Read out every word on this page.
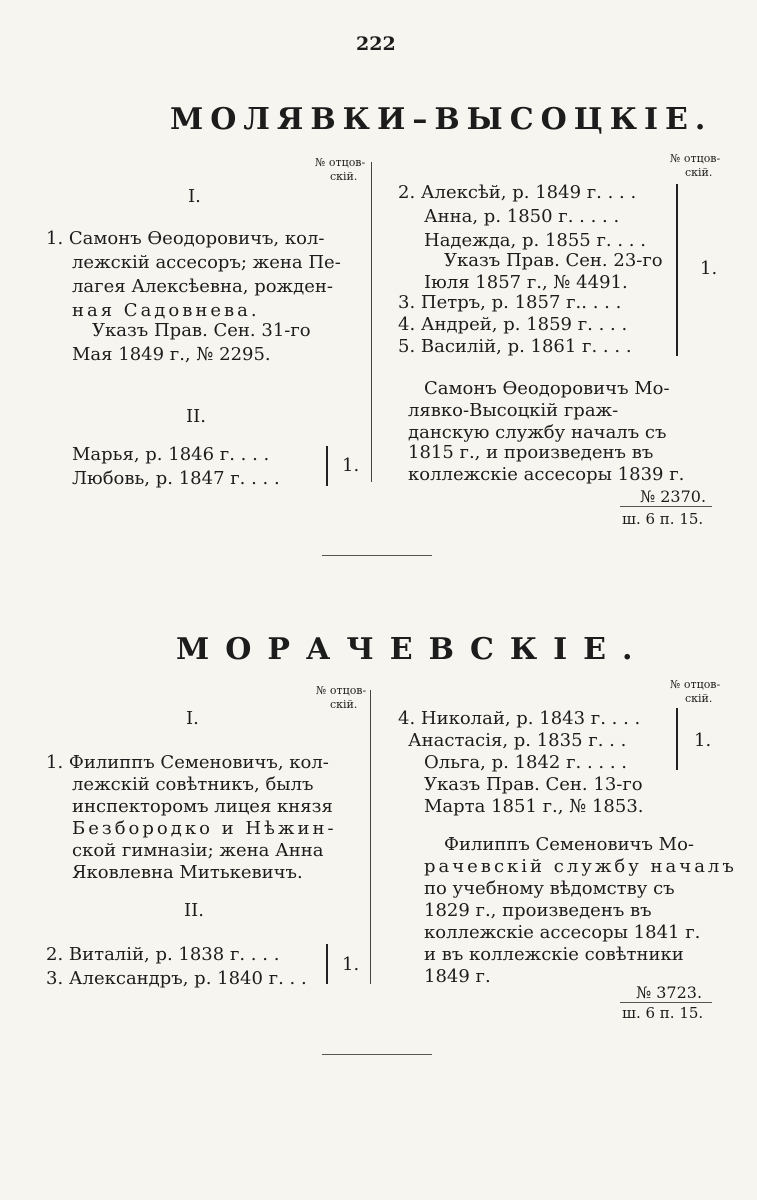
222
МОЛЯВКИ–ВЫСОЦКІЕ.
№ отцов-
скій.
№ отцов-
скій.
I.
1. Самонъ Өеодоровичъ, кол-
лежскій ассесоръ; жена Пе-
лагея Алексѣевна, рожден-
ная Садовнева.
Указъ Прав. Сен. 31-го
Мая 1849 г., № 2295.
II.
Марья, р. 1846 г. . . .
Любовь, р. 1847 г. . . .
1.
2. Алексѣй, р. 1849 г. . . .
Анна, р. 1850 г. . . . .
Надежда, р. 1855 г. . . .
Указъ Прав. Сен. 23-го
Іюля 1857 г., № 4491.
3. Петръ, р. 1857 г.. . . .
4. Андрей, р. 1859 г. . . .
5. Василій, р. 1861 г. . . .
1.
Самонъ Өеодоровичъ Мо-
лявко-Высоцкій граж-
данскую службу началъ съ
1815 г., и произведенъ въ
коллежскіе ассесоры 1839 г.
№ 2370.
ш. 6 п. 15.
МОРАЧЕВСКІЕ.
№ отцов-
скій.
№ отцов-
скій.
I.
1. Филиппъ Семеновичъ, кол-
лежскій совѣтникъ, былъ
инспекторомъ лицея князя
Безбородко и Нѣжин-
ской гимназіи; жена Анна
Яковлевна Митькевичъ.
II.
2. Виталій, р. 1838 г. . . .
3. Александръ, р. 1840 г. . .
1.
4. Николай, р. 1843 г. . . .
Анастасія, р. 1835 г. . .
Ольга, р. 1842 г. . . . .
1.
Указъ Прав. Сен. 13-го
Марта 1851 г., № 1853.
Филиппъ Семеновичъ Мо-
рачевскій службу началъ
по учебному вѣдомству съ
1829 г., произведенъ въ
коллежскіе ассесоры 1841 г.
и въ коллежскіе совѣтники
1849 г.
№ 3723.
ш. 6 п. 15.
